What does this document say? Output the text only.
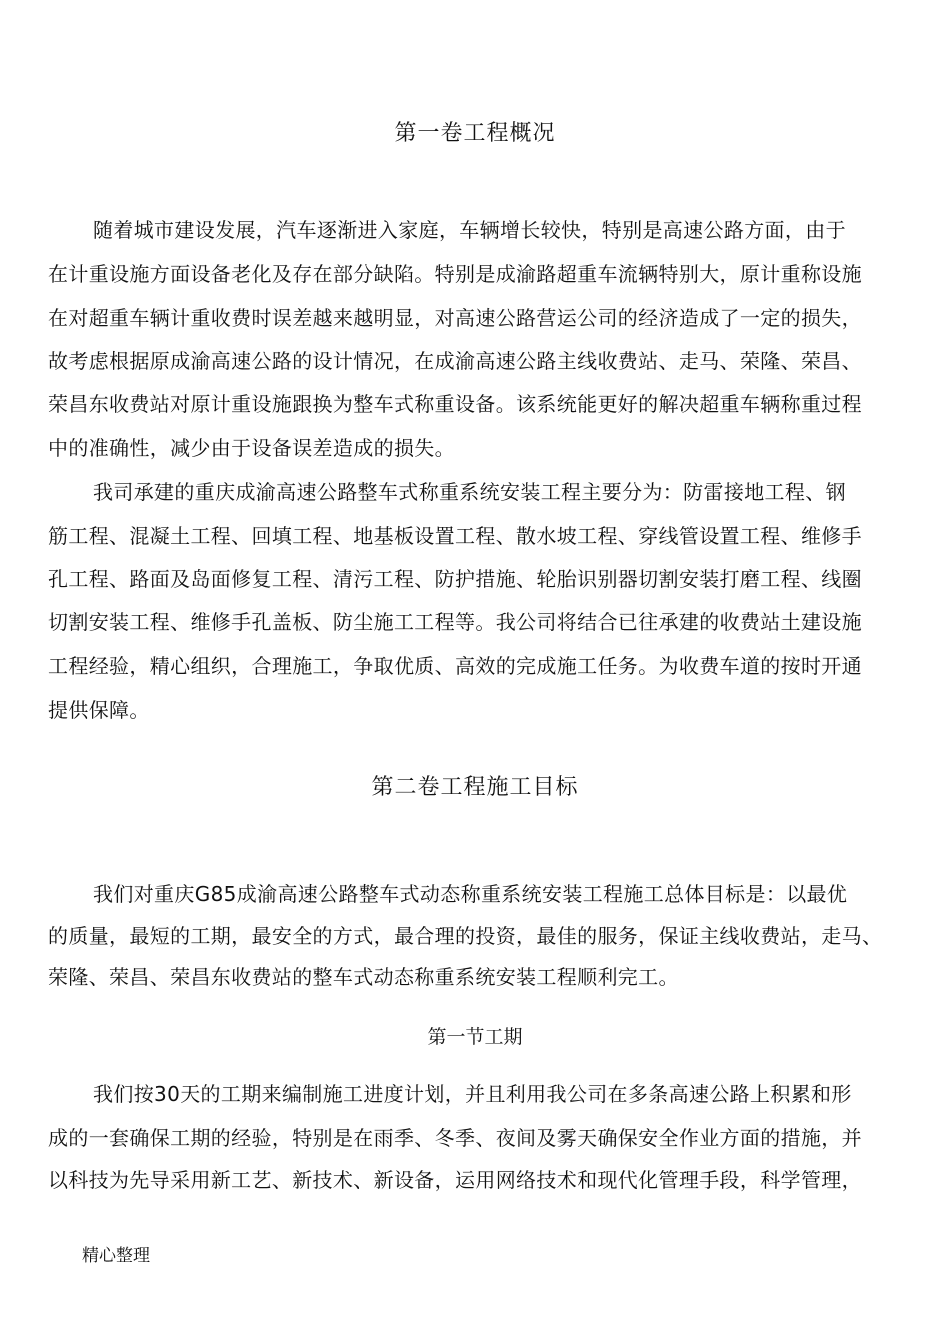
第一卷工程概况
随着城市建设发展，汽车逐渐进入家庭，车辆增长较快，特别是高速公路方面，由于
在计重设施方面设备老化及存在部分缺陷。特别是成渝路超重车流辆特别大，原计重称设施
在对超重车辆计重收费时误差越来越明显，对高速公路营运公司的经济造成了一定的损失，
故考虑根据原成渝高速公路的设计情况，在成渝高速公路主线收费站、走马、荣隆、荣昌、
荣昌东收费站对原计重设施跟换为整车式称重设备。该系统能更好的解决超重车辆称重过程
中的准确性，减少由于设备误差造成的损失。
我司承建的重庆成渝高速公路整车式称重系统安装工程主要分为：防雷接地工程、钢
筋工程、混凝土工程、回填工程、地基板设置工程、散水坡工程、穿线管设置工程、维修手
孔工程、路面及岛面修复工程、清污工程、防护措施、轮胎识别器切割安装打磨工程、线圈
切割安装工程、维修手孔盖板、防尘施工工程等。我公司将结合已往承建的收费站土建设施
工程经验，精心组织，合理施工，争取优质、高效的完成施工任务。为收费车道的按时开通
提供保障。
第二卷工程施工目标
我们对重庆G85成渝高速公路整车式动态称重系统安装工程施工总体目标是：以最优
的质量，最短的工期，最安全的方式，最合理的投资，最佳的服务，保证主线收费站，走马、
荣隆、荣昌、荣昌东收费站的整车式动态称重系统安装工程顺利完工。
第一节工期
我们按30天的工期来编制施工进度计划，并且利用我公司在多条高速公路上积累和形
成的一套确保工期的经验，特别是在雨季、冬季、夜间及雾天确保安全作业方面的措施，并
以科技为先导采用新工艺、新技术、新设备，运用网络技术和现代化管理手段，科学管理，
精心整理
